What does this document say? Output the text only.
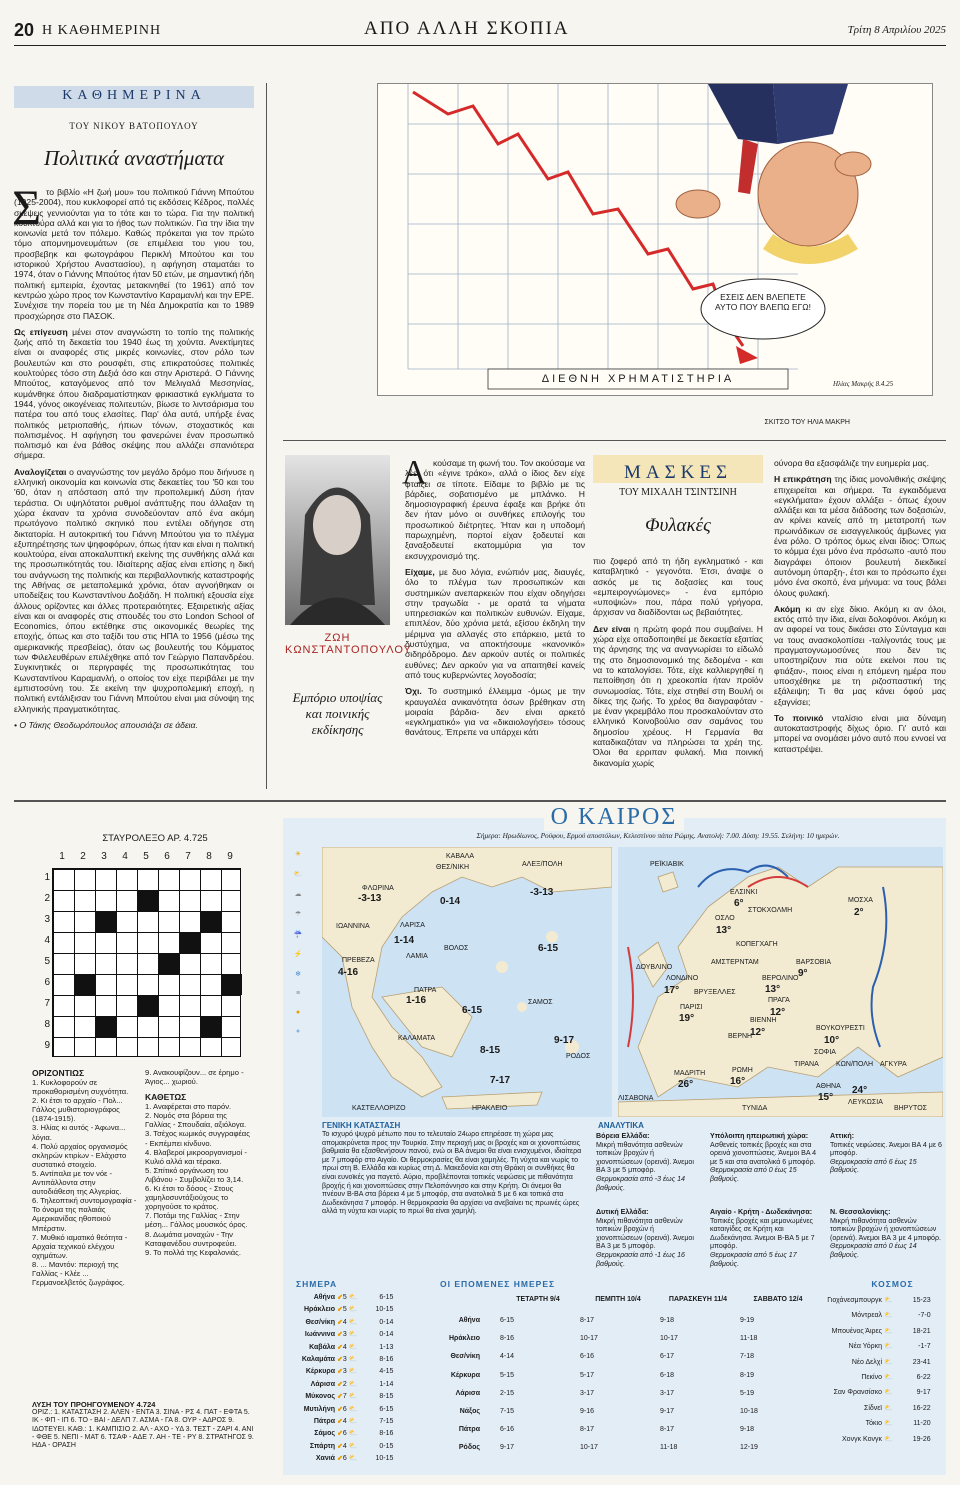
20 Η ΚΑΘΗΜΕΡΙΝΗ	ΑΠΟ ΑΛΛΗ ΣΚΟΠΙΑ	Τρίτη 8 Απριλίου 2025
ΚΑΘΗΜΕΡΙΝΑ
ΤΟΥ ΝΙΚΟΥ ΒΑΤΟΠΟΥΛΟΥ
Πολιτικά αναστήματα
Σ το βιβλίο «Η ζωή μου» του πολιτικού Γιάννη Μπούτου (1925-2004), που κυκλοφορεί από τις εκδόσεις Κέδρος, πολλές σκέψεις γεννιούνται για το τότε και το τώρα. Για την πολιτική κουλτούρα αλλά και για το ήθος των πολιτικών. Για την ίδια την κοινωνία μετά τον πόλεμο. Καθώς πρόκειται για τον πρώτο τόμο απομνημονευμάτων (σε επιμέλεια του γιου του, προσβεβηκ και φωτογράφου Περικλή Μπούτου και του ιστορικού Χρήστου Αναστασίου), η αφήγηση σταματάει το 1974, όταν ο Γιάννης Μπούτος ήταν 50 ετών, με σημαντική ήδη πολιτική εμπειρία, έχοντας μετακινηθεί (το 1961) από τον κεντρώο χώρο προς τον Κωνσταντίνο Καραμανλή και την ΕΡΕ. Συνέχισε την πορεία του με τη Νέα Δημοκρατία και το 1989 προσχώρησε στο ΠΑΣΟΚ.

Ως επίγευση μένει στον αναγνώστη το τοπίο της πολιτικής ζωής από τη δεκαετία του 1940 έως τη χούντα. Ανεκτίμητες είναι οι αναφορές στις μικρές κοινωνίες, στον ρόλο των βουλευτών και στο ρουσφέτι, στις επικρατούσες πολιτικές κουλτούρες τόσο στη Δεξιά όσο και στην Αριστερά. Ο Γιάννης Μπούτος, καταγόμενος από τον Μελιγαλά Μεσσηνίας, κυμάνθηκε όπου διαδραματίστηκαν φρικιαστικά εγκλήματα το 1944, γόνος οικογένειας πολιτευτών, βίωσε το λιντσάρισμα του πατέρα του από τους ελασίτες. Παρ' όλα αυτά, υπήρξε ένας πολιτικός μετριοπαθής, ήπιων τόνων, στοχαστικός και πολιτισμένος. Η αφήγηση του φανερώνει έναν προσωπικό πολιτισμό και ένα βάθος σκέψης που αλλάζει σπανιότερα σήμερα.

Αναλογίζεται ο αναγνώστης τον μεγάλο δρόμο που διήνυσε η ελληνική οικονομία και κοινωνία στις δεκαετίες του '50 και του '60, όταν η απόσταση από την προπολεμική Δύση ήταν τεράστια. Οι υψηλότατοι ρυθμοί ανάπτυξης που άλλαξαν τη χώρα έκαναν τα χρόνια συνοδεύονταν από ένα ακόμη πρωτόγονο πολιτικό σκηνικό που εντέλει οδήγησε στη δικτατορία. Η αυτοκριτική του Γιάννη Μπούτου για το πλέγμα εξυπηρέτησης των ψηφοφόρων, όπως ήταν και είναι η πολιτική κουλτούρα, είναι αποκαλυπτική εκείνης της συνθήκης αλλά και της προσωπικότητάς του. Ιδιαίτερης αξίας είναι επίσης η δική του ανάγνωση της πολιτικής και περιβαλλοντικής καταστροφής της Αθήνας σε μεταπολεμικά χρόνια, όταν αγνοήθηκαν οι υποδείξεις του Κωνσταντίνου Δοξιάδη. Η πολιτική εξουσία είχε άλλους ορίζοντες και άλλες προτεραιότητες. Εξαιρετικής αξίας είναι και οι αναφορές στις σπουδές του στο London School of Economics, όπου εκτέθηκε στις οικονομικές θεωρίες της εποχής, όπως και στο ταξίδι του στις ΗΠΑ το 1956 (μέσω της αμερικανικής πρεσβείας), όταν ως βουλευτής του Κόμματος των Φιλελευθέρων επιλέχθηκε από τον Γεώργιο Παπανδρέου. Συγκινητικές οι περιγραφές της προσωπικότητας του Κωνσταντίνου Καραμανλή, ο οποίος τον είχε περιβάλει με την εμπιστοσύνη του. Σε εκείνη την ψυχροπολεμική εποχή, η πολιτική εντάλιξισαν του Γιάννη Μπούτου είναι μια σύνοψη της ελληνικής πραγματικότητας.

• Ο Τάκης Θεοδωρόπουλος απουσιάζει σε άδεια.

ΕΣΕΙΣ ΔΕΝ ΒΛΕΠΕΤΕ ΑΥΤΟ ΠΟΥ ΒΛΕΠΩ ΕΓΩ!
ΔΙΕΘΝΗ ΧΡΗΜΑΤΙΣΤΗΡΙΑ	Ηλίας Μακρής 8.4.25
ΣΚΙΤΣΟ ΤΟΥ ΗΛΙΑ ΜΑΚΡΗ
ΖΩΗ ΚΩΝΣΤΑΝΤΟΠΟΥΛΟΥ
Εμπόριο υποψίας και ποινικής εκδίκησης
Α κούσαμε τη φωνή του. Τον ακούσαμε να λέει ότι «έγινε τράκο», αλλά ο ίδιος δεν είχε φταίξει σε τίποτε. Είδαμε το βιβλίο με τις βάρδιες, σοβατισμένο με μπλάνκο. Η δημοσιογραφική έρευνα έφαξε και βρήκε ότι δεν ήταν μόνο οι συνθήκες επιλογής του προσωπικού διέτρητες. Ήταν και η υποδομή παρωχημένη, πορτοί είχαν ξοδευτεί και ξαναξοδευτεί εκατομμύρια για τον εκσυγχρονισμό της.

Είχαμε, με δυο λόγια, ενώπιόν μας, διαυγές, όλο το πλέγμα των προσωπικών και συστημικών ανεπαρκειών που είχαν οδηγήσει στην τραγωδία - με ορατά τα νήματα υπηρεσιακών και πολιτικών ευθυνών. Είχαμε, επιπλέον, δύο χρόνια μετά, εξίσου έκδηλη την μέριμνα για αλλαγές στο επάρκειο, μετά το δυστύχημα, να αποκτήσουμε «κανονικό» σιδηρόδρομο. Δεν αρκούν αυτές οι πολιτικές ευθύνες; Δεν αρκούν για να απαιτηθεί κανείς από τους κυβερνώντες λογοδοσία;

Όχι. Το συστημικό έλλειμμα -όμως με την κραυγαλέα ανικανότητα όσων βρέθηκαν στη μοιραία βάρδια- δεν είναι αρκετό «εγκληματικό» για να «δικαιολογήσει» τόσους θανάτους. Έπρεπε να υπάρχει κάτι

ΜΑΣΚΕΣ
ΤΟΥ ΜΙΧΑΛΗ ΤΣΙΝΤΣΙΝΗ
Φυλακές

πιο ζοφερό από τη ήδη εγκληματικό - και καταβλητικό - γεγονότα. Έτσι, άναψε ο ασκός με τις δοξασίες και τους «εμπειρογνώμονες» - ένα εμπόριο «υποψιών» που, πάρα πολύ γρήγορα, άρχισαν να διαδίδονται ως βεβαιότητες.

Δεν είναι η πρώτη φορά που συμβαίνει. Η χώρα είχε οπαδοποιηθεί με δεκαετία εξαιτίας της άρνησης της να αναγνωρίσει το είδωλό της στο δημοσιονομικό της δεδομένα - και να το καταλογίσει. Τότε, είχε καλλιεργηθεί η πεποίθηση ότι η χρεοκοπία ήταν προϊόν συνωμοσίας. Τότε, είχε στηθεί στη Βουλή οι δίκες της ζωής. Το χρέος θα διαγραφόταν - με έναν γκρεμβάλο που προσκαλούνταν στο ελληνικό Κοινοβούλιο σαν σαμάνος του δημοσίου χρέους. Η Γερμανία θα καταδικαζόταν να πληρώσει τα χρέη της. Όλοι θα ερριπαν φυλακή. Μια ποινική δικανομία χωρίς

ούνορα θα εξασφάλιζε την ευημερία μας.

Η επικράτηση της ίδιας μονολιθικής σκέψης επιχειρείται και σήμερα. Τα εγκαιδόμενα «εγκλήματα» έχουν αλλάξει - όπως έχουν αλλάξει και τα μέσα διάδοσης των δοξασιών, αν κρίνει κανείς από τη μετατροπή των πρωινάδικων σε εισαγγελικούς άμβωνες για ένα ρόλο. Ο τρόπος όμως είναι ίδιος: Όπως το κόμμα έχει μόνο ένα πρόσωπο -αυτό που διαγράφει όποιον βουλευτή διεκδικεί αυτόνομη ύπαρξη-, έτσι και το πρόσωπο έχει μόνο ένα σκοπό, ένα μήνυμα: να τους βάλει όλους φυλακή.

Ακόμη κι αν είχε δίκιο. Ακόμη κι αν όλοι, εκτός από την ίδια, είναι δολοφόνοι. Ακόμη κι αν αφορεί να τους δικάσει στο Σύνταγμα και να τους ανασκολοπίσει -ταλίγοντάς τους με πραγματογνωμοσύνες που δεν τις υποστηρίζουν πια ούτε εκείνοι που τις φτιάξαν-, ποιος είναι η επόμενη ημέρα που υποσχέθηκε με τη ριζοσπαστική της εξάλειψη; Τι θα μας κάνει όφού μας εξαγνίσει;

Το ποινικό νταλίσιο είναι μια δύναμη αυτοκαταστροφής δίχως όριο. Γι' αυτό και μπορεί να ονομάσει μόνο αυτό που εννοεί να καταστρέψει.

ΣΤΑΥΡΟΛΕΞΟ ΑΡ. 4.725
1	2	3	4	5	6	7	8	9
1
2
3
4
5
6
7
8
9
ΟΡΙΖΟΝΤΙΩΣ
1. Κυκλοφορούν σε προκαθορισμένη συχνότητα.
2. Κι έτσι το αρχαίο - Πολ... Γάλλος μυθιστοριογράφος (1874-1915).
3. Ηλίας κι αυτός - Άφωνα... λόγια.
4. Πολύ αρχαίος οργανισμός σκληρών κτιρίων - Ελάχιστο συστατικό στοιχείο.
5. Αντίπαλα με τον νόε - Αντιπάλλοντα στην αυτοδιάθεση της Αλγερίας.
6. Τηλεοπτική συντομογραφία - Το όνομα της παλαιάς Αμερικανίδας ηθοποιού Μπέρστιν.
7. Μυθικό ιαματικό θεότητα - Αρχαία τεχνικού ελέγχου οχημάτων.
8. ... Μαντόν: περιοχή της Γαλλίας - Κλέε ... Γερμανοελβετός ζωγράφος.
9. Ανακουφίζουν... σε έρημο - Άγιος... χωριού.
ΚΑΘΕΤΩΣ
1. Αναφέρεται στο παρόν.
2. Νομός στα βόρεια της Γαλλίας - Σπουδαία, αξιόλογα.
3. Τσέχος κωμικός συγγραφέας - Εκπέμπει κίνδυνο.
4. Βλαβεροί μικροοργανισμοί - Κυλιό αλλά και τέρακα.
5. Σπίτικό οργάνωση του Λιβάνου - Συμβολίζει το 3,14.
6. Κι έτσι το δόσος - Στους χαμηλοσυντάξιούχους το χορηγούσε το κράτος.
7. Ποτάμι της Γαλλίας - Στην μέση... Γάλλος μουσικός όρος.
8. Δωμάτια μοναχών - Την Καταφανέδου συντροφεύει.
9. Το πολλά της Κεφαλονιάς.
ΛΥΣΗ ΤΟΥ ΠΡΟΗΓΟΥΜΕΝΟΥ 4.724
ΟΡΙΖ.: 1. ΚΑΤΑΣΤΑΣΗ 2. ΑΛΕΝ - ΕΝΤΑ 3. ΣΙΝΑ - ΡΣ 4. ΠΑΤ - ΕΦΤΑ 5. ΙΚ - ΦΠ - ΙΠ 6. ΤΟ - ΒΑΙ - ΔΕΛΠ 7. ΑΣΜΑ - ΓΑ 8. ΟΥΡ - ΑΔΡΟΣ 9. ΙΔΟΤΕΥΕΙ. ΚΑΘ.: 1. ΚΑΜΠΙΣΙΟ 2. ΑΛ - ΑΧΟ - ΥΔ 3. ΤΕΣΤ - ΖΑΡΙ 4. ΑΝΙ - ΦΘΕ 5. ΝΕΠΙ - ΜΑΤ 6. ΤΣΑΦ - ΑΔΕ 7. ΑΗ - ΤΕ - ΡΥ 8. ΣΤΡΑΤΗΓΟΣ 9. ΗΔΑ - ΟΡΑΣΗ
Ο ΚΑΙΡΟΣ
Σήμερα: Ηρωδίωνος, Ρούφου, Ερμού αποστόλων, Κελεστίνου πάπα Ρώμης. Ανατολή: 7.00. Δύση: 19.55. Σελήνη: 10 ημερών.
☀
⛅
☁
☂
☔
⚡
❄
≡
●
●
ΦΛΩΡΙΝΑ
-3-13
ΚΑΒΑΛΑ
ΘΕΣ/ΝΙΚΗ
0-14
ΑΛΕΞ/ΠΟΛΗ
-3-13
ΙΩΑΝΝΙΝΑ	ΛΑΡΙΣΑ
1-14
ΒΟΛΟΣ
ΛΑΜΙΑ
ΠΡΕΒΕΖΑ
4-16
6-15
ΠΑΤΡΑ
1-16
6-15
ΣΑΜΟΣ
ΚΑΛΑΜΑΤΑ
8-15
ΡΟΔΟΣ
9-17
7-17
ΗΡΑΚΛΕΙΟ
ΚΑΣΤΕΛΛΟΡΙΖΟ
ΡΕΪΚΙΑΒΙΚ
ΕΛΣΙΝΚΙ
6°
ΟΣΛΟ
13°
ΣΤΟΚΧΟΛΜΗ
ΜΟΣΧΑ
2°
ΚΟΠΕΓΧΑΓΗ
ΔΟΥΒΛΙΝΟ
ΑΜΣΤΕΡΝΤΑΜ	ΒΑΡΣΟΒΙΑ
9°
ΛΟΝΔΙΝΟ
17°
ΒΕΡΟΛΙΝΟ
13°
ΒΡΥΞΕΛΛΕΣ
ΠΡΑΓΑ
12°
ΠΑΡΙΣΙ
19°	ΒΙΕΝΝΗ
12°	ΒΟΥΚΟΥΡΕΣΤΙ
10°
ΒΕΡΝΗ
ΣΟΦΙΑ
ΡΩΜΗ
16°
ΤΙΡΑΝΑ ΚΩΝ/ΠΟΛΗ ΑΓΚΥΡΑ
ΜΑΔΡΙΤΗ
26°	ΑΘΗΝΑ
15° ΛΕΥΚΩΣΙΑ
24°
ΛΙΣΑΒΟΝΑ
ΤΥΝΙΔΑ	ΒΗΡΥΤΟΣ
ΓΕΝΙΚΗ ΚΑΤΑΣΤΑΣΗ
Το ισχυρό ψυχρό μέτωπο που το τελευταίο 24ωρο επηρέασε τη χώρα μας απομακρύνεται προς την Τουρκία. Στην περιοχή μας οι βροχές και οι χιονοπτώσεις βαθμιαία θα εξασθενήσουν πανού, ενώ οι ΒΑ άνεμοι θα είναι ενισχυμένοι, ιδιαίτερα με 7 μποφόρ στο Αιγαίο. Οι θερμοκρασίες θα είναι χαμηλές. Τη νύχτα και νωρίς το πρωί στη Β. Ελλάδα και κυρίως στη Δ. Μακεδονία και στη Θράκη οι συνθήκες θα είναι ευνοϊκές για παγετό. Αύριο, προβλέπονται τοπικές νεφώσεις με πιθανότητα βροχής ή και χιονοπτώσεις στην Πελοπόννησο και στην Κρήτη. Οι άνεμοι θα πνέουν Β-ΒΑ στα βόρεια 4 με 5 μποφόρ, στα ανατολικά 5 με 6 και τοπικά στα Δωδεκάνησα 7 μποφόρ. Η θερμοκρασία θα αρχίσει να ανεβαίνει τις πρωινές ώρες αλλά τη νύχτα και νωρίς το πρωί θα είναι χαμηλή.
ΑΝΑΛΥΤΙΚΑ
Βόρεια Ελλάδα:
Μικρή πιθανότητα ασθενών τοπικών βροχών ή χιονοπτώσεων (ορεινά). Άνεμοι ΒΑ 3 με 5 μποφόρ.
Θερμοκρασία από -3 έως 14 βαθμούς.
Υπόλοιπη ηπειρωτική χώρα:
Ασθενείς τοπικές βροχές και στα ορεινά χιονοπτώσεις. Άνεμοι ΒΑ 4 με 5 και στα ανατολικά 6 μποφόρ.
Θερμοκρασία από 0 έως 15 βαθμούς.
Αττική:
Τοπικές νεφώσεις. Άνεμοι ΒΑ 4 με 6 μποφόρ.
Θερμοκρασία από 6 έως 15 βαθμούς.
Δυτική Ελλάδα:
Μικρή πιθανότητα ασθενών τοπικών βροχών ή χιονοπτώσεων (ορεινά). Άνεμοι ΒΑ 3 με 5 μποφόρ.
Θερμοκρασία από -1 έως 16 βαθμούς.
Αιγαίο - Κρήτη - Δωδεκάνησα:
Τοπικές βροχές και μεμονωμένες καταιγίδες σε Κρήτη και Δωδεκάνησα. Άνεμοι Β-ΒΑ 5 με 7 μποφόρ.
Θερμοκρασία από 5 έως 17 βαθμούς.
Ν. Θεσσαλονίκης:
Μικρή πιθανότητα ασθενών τοπικών βροχών ή χιονοπτώσεων (ορεινά). Άνεμοι ΒΑ 3 με 4 μποφόρ.
Θερμοκρασία από 0 έως 14 βαθμούς.
ΣΗΜΕΡΑ
Αθήνα ⬋5 ⛅	6-15
Ηράκλειο ⬋5 ⛅	10-15
Θεσ/νίκη ⬋4 ⛅	0-14
Ιωάννινα ⬋3 ⛅	0-14
Καβάλα ⬋4 ⛅	1-13
Καλαμάτα ⬋3 ⛅	8-16
Κέρκυρα ⬋3 ⛅	4-15
Λάρισα ⬋2 ⛅	1-14
Μύκονος ⬋7 ⛅	8-15
Μυτιλήνη ⬋6 ⛅	6-15
Πάτρα ⬋4 ⛅	7-15
Σάμος ⬋6 ⛅	8-16
Σπάρτη ⬋4 ⛅	0-15
Χανιά ⬋6 ⛅	10-15
ΟΙ ΕΠΟΜΕΝΕΣ ΗΜΕΡΕΣ
ΤΕΤΑΡΤΗ 9/4	ΠΕΜΠΤΗ 10/4	ΠΑΡΑΣΚΕΥΗ 11/4	ΣΑΒΒΑΤΟ 12/4
Αθήνα	6-15	8-17	9-18	9-19
Ηράκλειο	8-16	10-17	10-17	11-18
Θεσ/νίκη	4-14	6-16	6-17	7-18
Κέρκυρα	5-15	5-17	6-18	8-19
Λάρισα	2-15	3-17	3-17	5-19
Νάξος	7-15	9-16	9-17	10-18
Πάτρα	6-16	8-17	8-17	9-18
Ρόδος	9-17	10-17	11-18	12-19
ΚΟΣΜΟΣ
Γιοχάνεσμπουργκ ⛅	15-23
Μόντρεαλ ⛅	-7-0
Μπουένος Άιρες ⛅	18-21
Νέα Υόρκη ⛅	-1-7
Νέο Δελχί ⛅	23-41
Πεκίνο ⛅	6-22
Σαν Φρανσίσκο ⛅	9-17
Σίδνεϊ ⛅	16-22
Τόκιο ⛅	11-20
Χονγκ Κονγκ ⛅	19-26
